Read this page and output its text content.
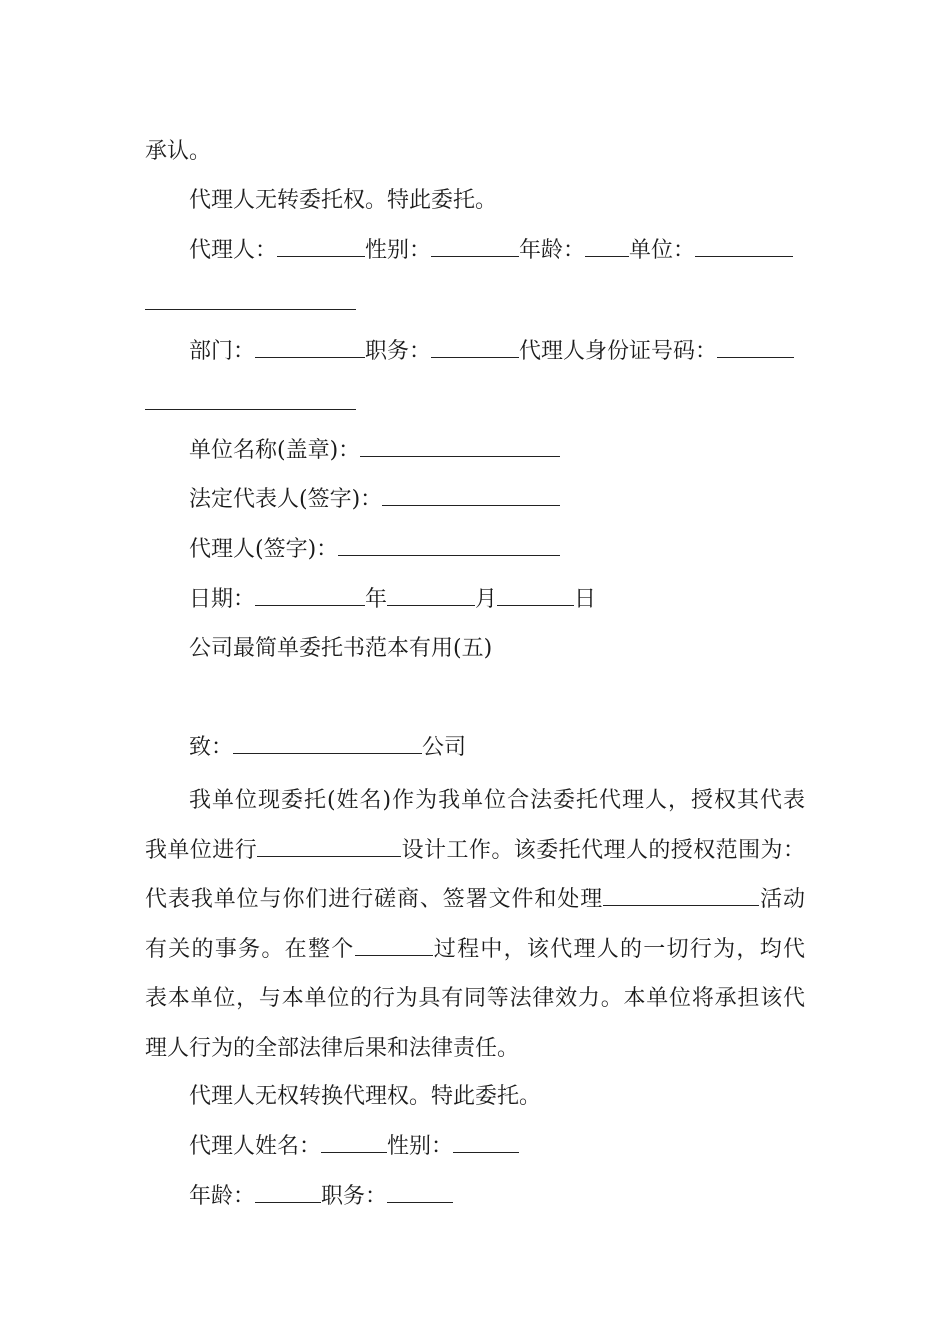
承认。
代理人无转委托权。特此委托。
代理人：	性别：	年龄： 单位：
部门：	职务：	代理人身份证号码：
单位名称(盖章)：
法定代表人(签字)：
代理人(签字)：
日期：	年	月	日
公司最简单委托书范本有用(五)
致：	公司
我单位现委托(姓名)作为我单位合法委托代理人，授权其代表
我单位进行	设计工作。该委托代理人的授权范围为：
代表我单位与你们进行磋商、签署文件和处理	活动
有关的事务。在整个	过程中，该代理人的一切行为，均代
表本单位，与本单位的行为具有同等法律效力。本单位将承担该代
理人行为的全部法律后果和法律责任。
代理人无权转换代理权。特此委托。
代理人姓名：	性别：
年龄：	职务：
